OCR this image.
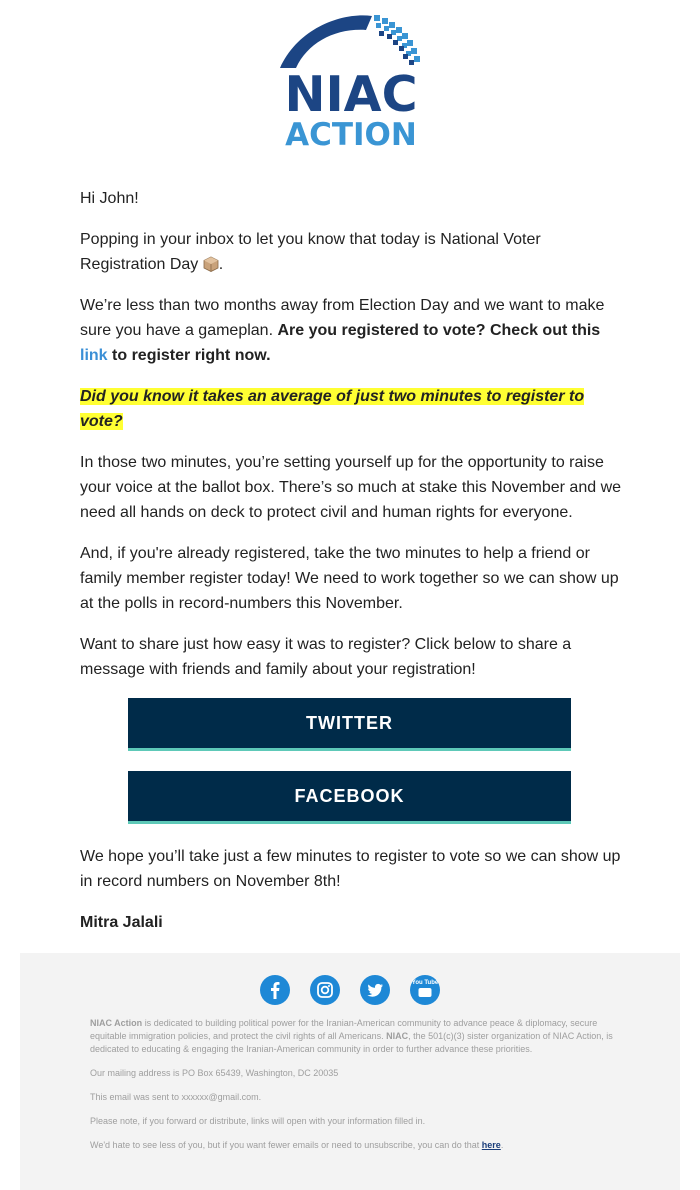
NIAC
ACTION

Hi John!

Popping in your inbox to let you know that today is National Voter Registration Day .

We’re less than two months away from Election Day and we want to make sure you have a gameplan. Are you registered to vote? Check out this link to register right now.

Did you know it takes an average of just two minutes to register to vote?

In those two minutes, you’re setting yourself up for the opportunity to raise your voice at the ballot box. There’s so much at stake this November and we need all hands on deck to protect civil and human rights for everyone.

And, if you're already registered, take the two minutes to help a friend or family member register today! We need to work together so we can show up at the polls in record-numbers this November.

Want to share just how easy it was to register? Click below to share a message with friends and family about your registration!

TWITTER
FACEBOOK

We hope you’ll take just a few minutes to register to vote so we can show up in record numbers on November 8th!

Mitra Jalali

You Tube

NIAC Action is dedicated to building political power for the Iranian-American community to advance peace & diplomacy, secure equitable immigration policies, and protect the civil rights of all Americans. NIAC, the 501(c)(3) sister organization of NIAC Action, is dedicated to educating & engaging the Iranian-American community in order to further advance these priorities.

Our mailing address is PO Box 65439, Washington, DC 20035

This email was sent to xxxxxx@gmail.com.

Please note, if you forward or distribute, links will open with your information filled in.

We'd hate to see less of you, but if you want fewer emails or need to unsubscribe, you can do that here.
